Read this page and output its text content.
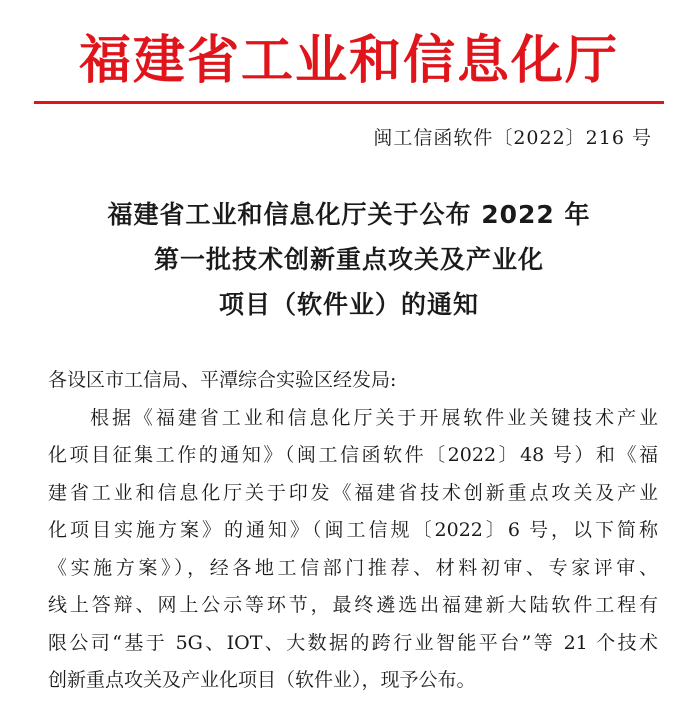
福建省工业和信息化厅
闽工信函软件〔2022〕216 号
福建省工业和信息化厅关于公布 2022 年
第一批技术创新重点攻关及产业化
项目（软件业）的通知
各设区市工信局、平潭综合实验区经发局:
根据《福建省工业和信息化厅关于开展软件业关键技术产业
化项目征集工作的通知》（闽工信函软件〔2022〕48 号）和《福
建省工业和信息化厅关于印发《福建省技术创新重点攻关及产业
化项目实施方案》的通知》（闽工信规〔2022〕6 号，以下简称
《实施方案》），经各地工信部门推荐、材料初审、专家评审、
线上答辩、网上公示等环节，最终遴选出福建新大陆软件工程有
限公司“基于 5G、IOT、大数据的跨行业智能平台”等 21 个技术
创新重点攻关及产业化项目（软件业），现予公布。
